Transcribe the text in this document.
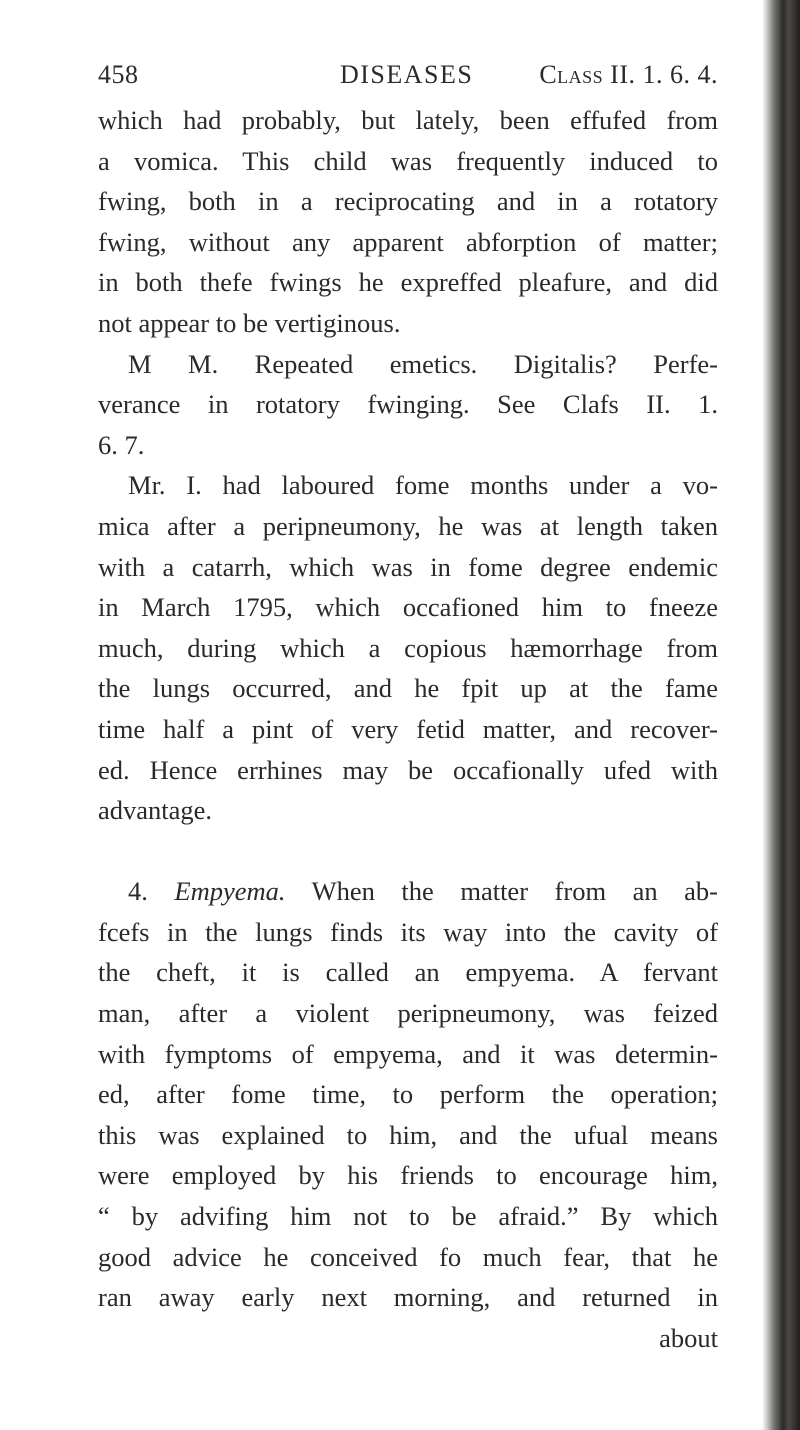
458	DISEASES	Class II. 1. 6. 4.
which had probably, but lately, been effufed from
a vomica. This child was frequently induced to
fwing, both in a reciprocating and in a rotatory
fwing, without any apparent abforption of matter;
in both thefe fwings he expreffed pleafure, and did
not appear to be vertiginous.
M M. Repeated emetics. Digitalis? Perfe-
verance in rotatory fwinging. See Clafs II. 1.
6. 7.
Mr. I. had laboured fome months under a vo-
mica after a peripneumony, he was at length taken
with a catarrh, which was in fome degree endemic
in March 1795, which occafioned him to fneeze
much, during which a copious hæmorrhage from
the lungs occurred, and he fpit up at the fame
time half a pint of very fetid matter, and recover-
ed. Hence errhines may be occafionally ufed with
advantage.
4. Empyema. When the matter from an ab-
fcefs in the lungs finds its way into the cavity of
the cheft, it is called an empyema. A fervant
man, after a violent peripneumony, was feized
with fymptoms of empyema, and it was determin-
ed, after fome time, to perform the operation;
this was explained to him, and the ufual means
were employed by his friends to encourage him,
“ by advifing him not to be afraid.” By which
good advice he conceived fo much fear, that he
ran away early next morning, and returned in
about
